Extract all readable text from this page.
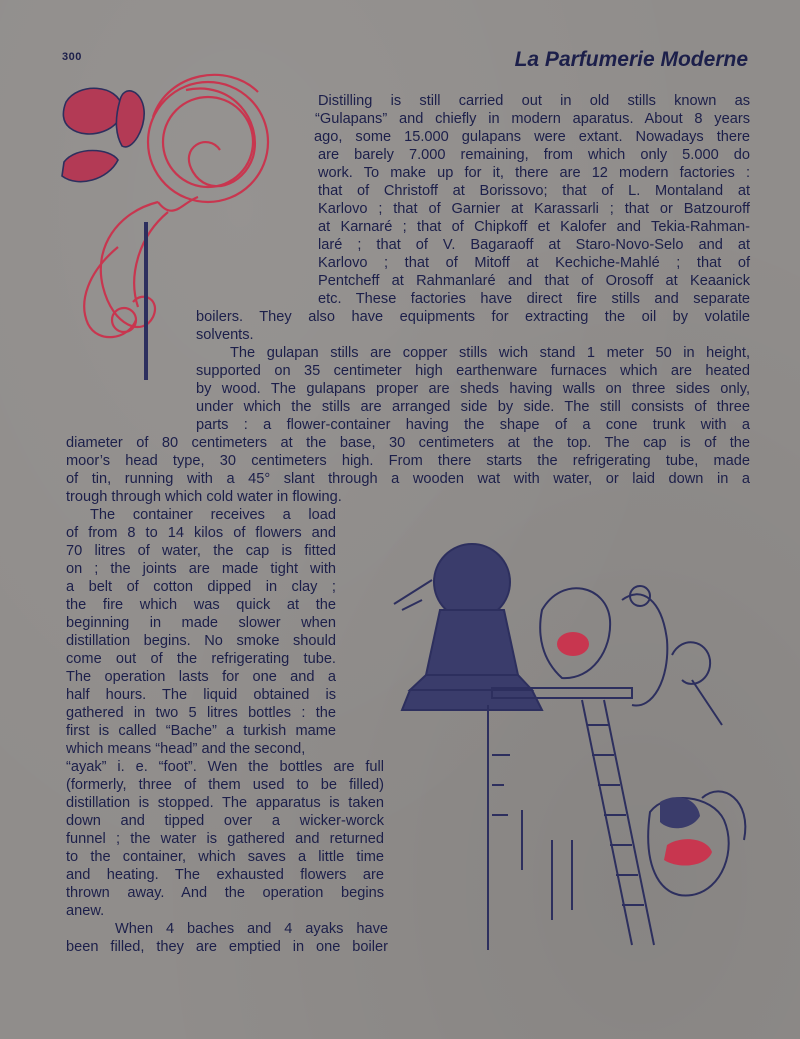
300	La Parfumerie Moderne
Distilling is still carried out in old stills known as
“Gulapans” and chiefly in modern aparatus. About 8 years
ago, some 15.000 gulapans were extant. Nowadays there
are barely 7.000 remaining, from which only 5.000 do
work. To make up for it, there are 12 modern factories :
that of Christoff at Borissovo; that of L. Montaland at
Karlovo ; that of Garnier at Karassarli ; that or Batzouroff
at Karnaré ; that of Chipkoff et Kalofer and Tekia-Rahman-
laré ; that of V. Bagaraoff at Staro-Novo-Selo and at
Karlovo ; that of Mitoff at Kechiche-Mahlé ; that of
Pentcheff at Rahmanlaré and that of Orosoff at Keaanick
etc. These factories have direct fire stills and separate
boilers. They also have equipments for extracting the oil by volatile
solvents.
The gulapan stills are copper stills wich stand 1 meter 50 in height,
supported on 35 centimeter high earthenware furnaces which are heated
by wood. The gulapans proper are sheds having walls on three sides only,
under which the stills are arranged side by side. The still consists of three
parts : a flower-container having the shape of a cone trunk with a
diameter of 80 centimeters at the base, 30 centimeters at the top. The cap is of the
moor’s head type, 30 centimeters high. From there starts the refrigerating tube, made
of tin, running with a 45° slant through a wooden wat with water, or laid down in a
trough through which cold water in flowing.
The container receives a load
of from 8 to 14 kilos of flowers and
70 litres of water, the cap is fitted
on ; the joints are made tight with
a belt of cotton dipped in clay ;
the fire which was quick at the
beginning in made slower when
distillation begins. No smoke should
come out of the refrigerating tube.
The operation lasts for one and a
half hours. The liquid obtained is
gathered in two 5 litres bottles : the
first is called “Bache” a turkish mame
which means “head” and the second,
“ayak” i. e. “foot”. Wen the bottles are full
(formerly, three of them used to be filled)
distillation is stopped. The apparatus is taken
down and tipped over a wicker-worck
funnel ; the water is gathered and returned
to the container, which saves a little time
and heating. The exhausted flowers are
thrown away. And the operation begins
anew.
When 4 baches and 4 ayaks have
been filled, they are emptied in one boiler
